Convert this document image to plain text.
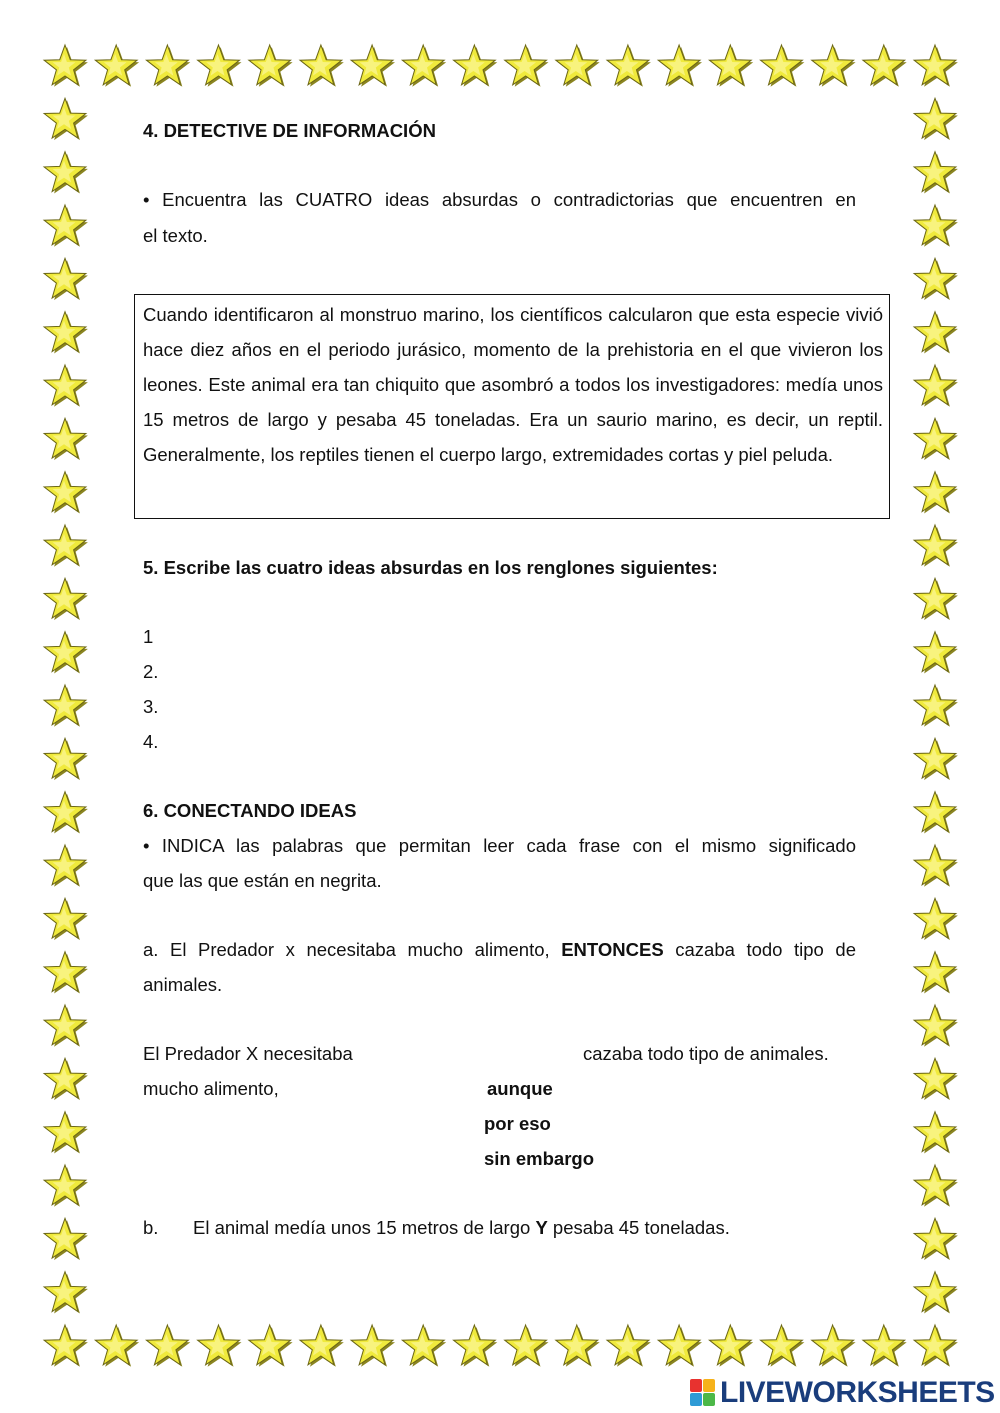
4. DETECTIVE DE INFORMACIÓN
• Encuentra las CUATRO ideas absurdas o contradictorias que encuentren en
el texto.

Cuando identificaron al monstruo marino, los científicos calcularon que esta especie vivió hace diez años en el periodo jurásico, momento de la prehistoria en el que vivieron los leones. Este animal era tan chiquito que asombró a todos los investigadores: medía unos 15 metros de largo y pesaba 45 toneladas. Era un saurio marino, es decir, un reptil. Generalmente, los reptiles tienen el cuerpo largo, extremidades cortas y piel peluda.

5. Escribe las cuatro ideas absurdas en los renglones siguientes:
1
2.
3.
4.
6. CONECTANDO IDEAS
• INDICA las palabras que permitan leer cada frase con el mismo significado
que las que están en negrita.
a. El Predador x necesitaba mucho alimento, ENTONCES cazaba todo tipo de
animales.
El Predador X necesitaba	cazaba todo tipo de animales.
mucho alimento,	aunque
por eso
sin embargo
b. El animal medía unos 15 metros de largo Y pesaba 45 toneladas.
LIVEWORKSHEETS
